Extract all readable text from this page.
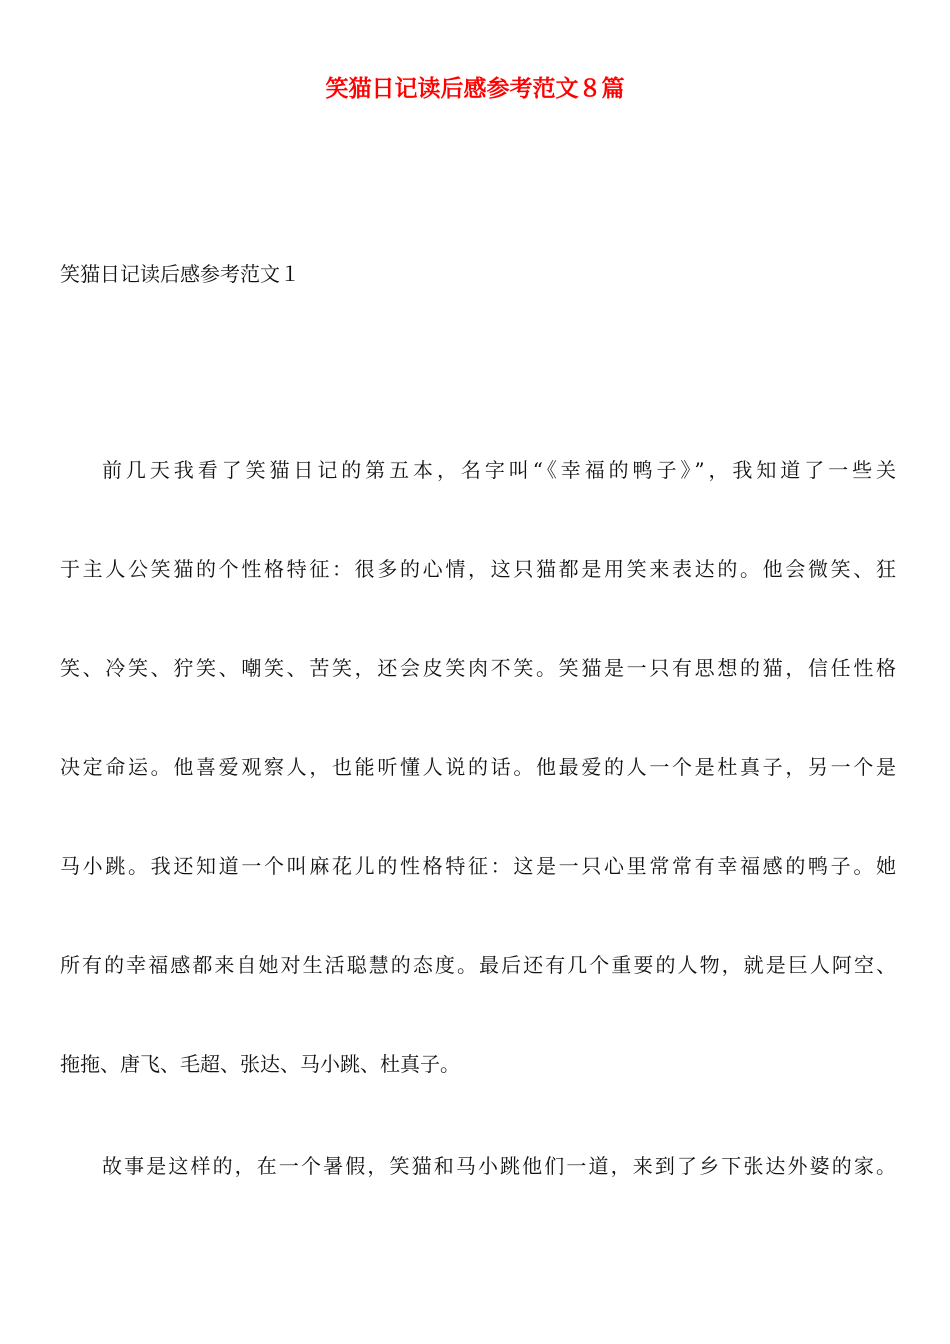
笑猫日记读后感参考范文８篇

笑猫日记读后感参考范文１

前几天我看了笑猫日记的第五本，名字叫“《幸福的鸭子》”，我知道了一些关
于主人公笑猫的个性格特征：很多的心情，这只猫都是用笑来表达的。他会微笑、狂
笑、冷笑、狞笑、嘲笑、苦笑，还会皮笑肉不笑。笑猫是一只有思想的猫，信任性格
决定命运。他喜爱观察人，也能听懂人说的话。他最爱的人一个是杜真子，另一个是
马小跳。我还知道一个叫麻花儿的性格特征：这是一只心里常常有幸福感的鸭子。她
所有的幸福感都来自她对生活聪慧的态度。最后还有几个重要的人物，就是巨人阿空、
拖拖、唐飞、毛超、张达、马小跳、杜真子。
故事是这样的，在一个暑假，笑猫和马小跳他们一道，来到了乡下张达外婆的家。
